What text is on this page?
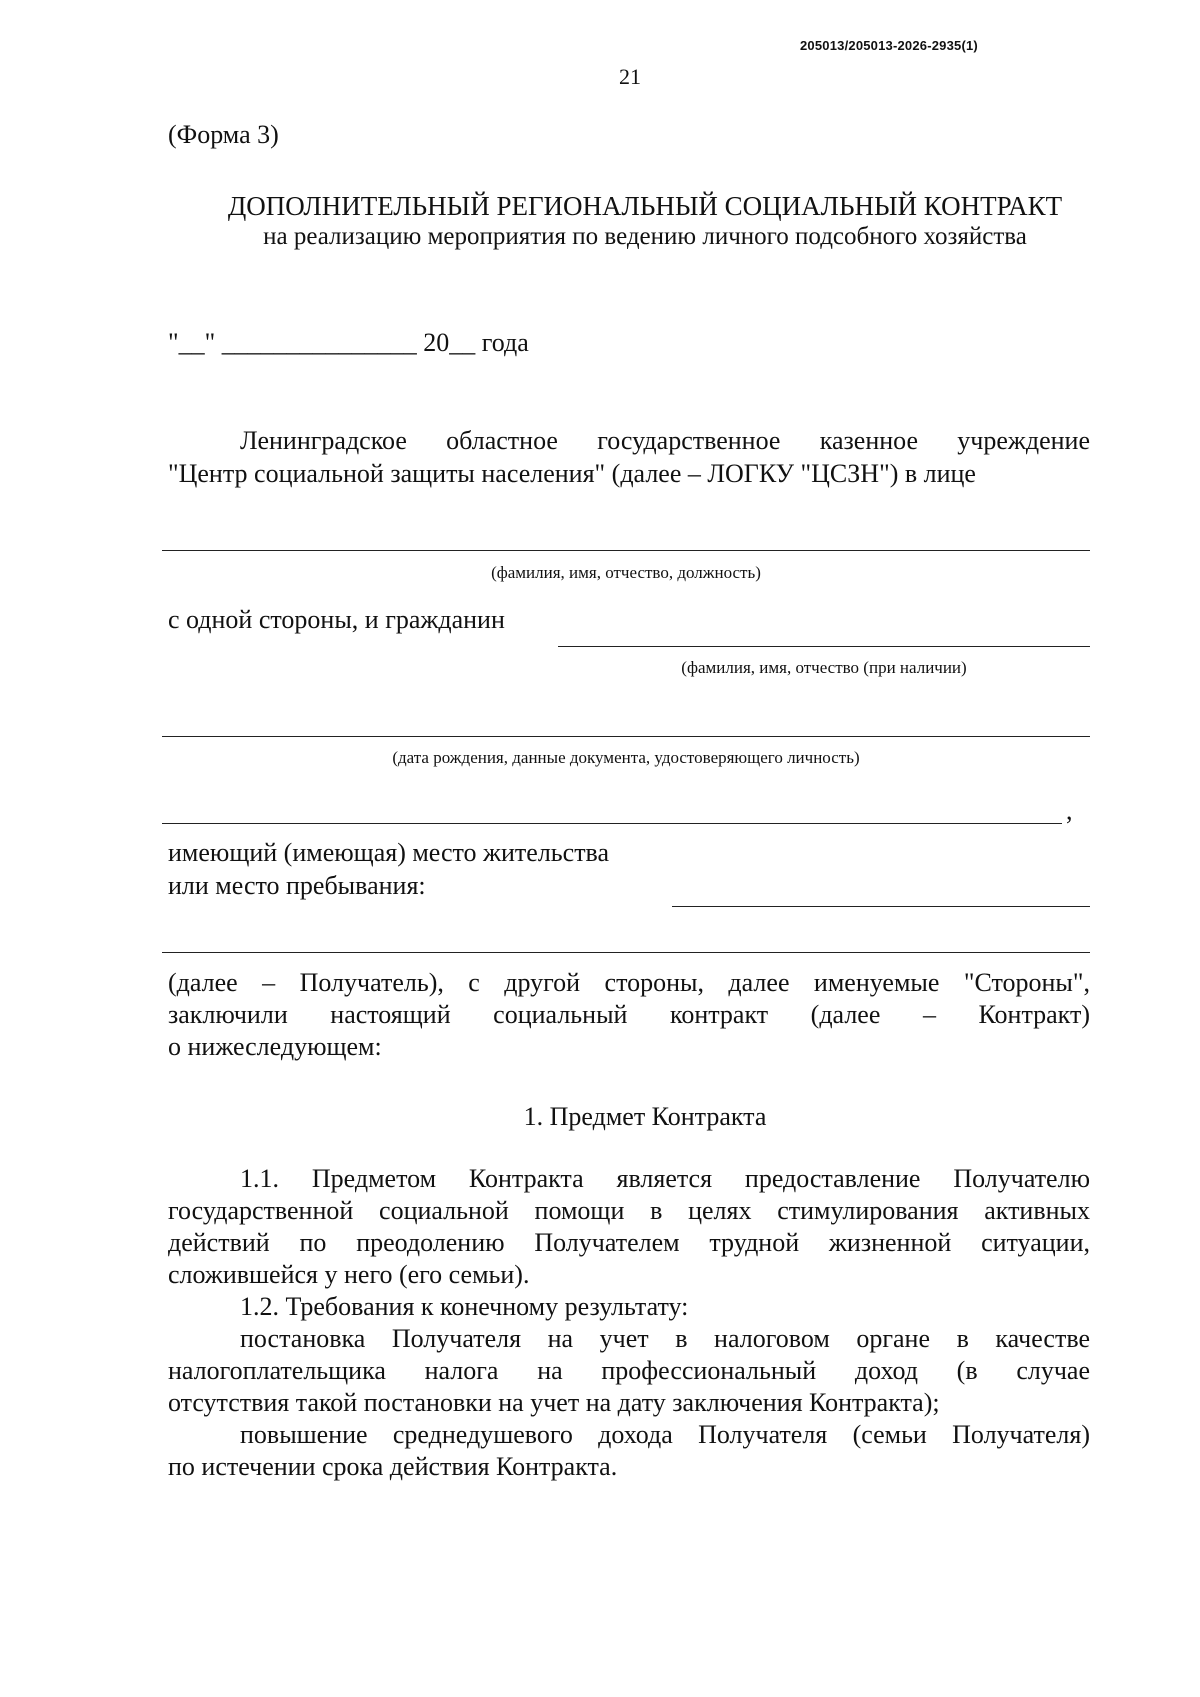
205013/205013-2026-2935(1)
21
(Форма 3)
ДОПОЛНИТЕЛЬНЫЙ РЕГИОНАЛЬНЫЙ СОЦИАЛЬНЫЙ КОНТРАКТ
на реализацию мероприятия по ведению личного подсобного хозяйства
"__" _______________ 20__ года
Ленинградское областное государственное казенное учреждение
"Центр социальной защиты населения" (далее – ЛОГКУ "ЦСЗН") в лице
(фамилия, имя, отчество, должность)
с одной стороны, и гражданин
(фамилия, имя, отчество (при наличии)
(дата рождения, данные документа, удостоверяющего личность)
,
имеющий (имеющая) место жительства
или место пребывания:
(далее – Получатель), с другой стороны, далее именуемые "Стороны",
заключили настоящий социальный контракт (далее – Контракт)
о нижеследующем:
1. Предмет Контракта
1.1. Предметом Контракта является предоставление Получателю
государственной социальной помощи в целях стимулирования активных
действий по преодолению Получателем трудной жизненной ситуации,
сложившейся у него (его семьи).
1.2. Требования к конечному результату:
постановка Получателя на учет в налоговом органе в качестве
налогоплательщика налога на профессиональный доход (в случае
отсутствия такой постановки на учет на дату заключения Контракта);
повышение среднедушевого дохода Получателя (семьи Получателя)
по истечении срока действия Контракта.
